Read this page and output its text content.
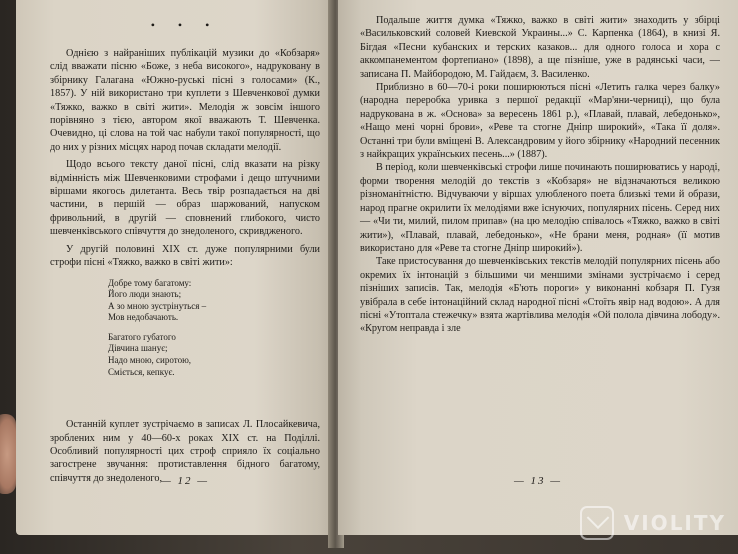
• • •

Однією з найраніших публікацій музики до «Кобзаря» слід вважати пісню «Боже, з неба високого», надруковану в збірнику Галагана «Южно-руські пісні з голосами» (К., 1857). У ній використано три куплети з Шевченкової думки «Тяжко, важко в світі жити». Мелодія ж зовсім іншого порівняно з тією, автором якої вважають Т. Шевченка. Очевидно, ці слова на той час набули такої популярності, що до них у різних місцях народ почав складати мелодії.

Щодо всього тексту даної пісні, слід вказати на різку відмінність між Шевченковими строфами і дещо штучними віршами якогось дилетанта. Весь твір розпадається на дві частини, в першій — образ шаржований, напуском фривольний, в другій — сповнений глибокого, чисто шевченківського співчуття до знедоленого, скривдженого.

У другій половині XIX ст. дуже популярними були строфи пісні «Тяжко, важко в світі жити»:

Добре тому багатому:
Його люди знають;
А зо мною зустрінуться –
Мов недобачають.
Багатого губатого
Дівчина шанує;
Надо мною, сиротою,
Сміється, кепкує.

Останній куплет зустрічаємо в записах Л. Плосайкевича, зроблених ним у 40—60-х роках XIX ст. на Поділлі. Особливий популярності цих строф сприяло їх соціально загострене звучання: протиставлення бідного багатому, співчуття до знедоленого,

— 12 —

Подальше життя думка «Тяжко, важко в світі жити» знаходить у збірці «Васильковский соловей Киевской Украины...» С. Карпенка (1864), в книзі Я. Бігдая «Песни кубанских и терских казаков... для одного голоса и хора с аккомпанементом фортепиано» (1898), а ще пізніше, уже в радянські часи, — записана П. Майбородою, М. Гайдаєм, З. Василенко.

Приблизно в 60—70-і роки поширюються пісні «Летить галка через балку» (народна переробка уривка з першої редакції «Мар'яни-черниці), що була надрукована в ж. «Основа» за вересень 1861 р.), «Плавай, плавай, лебедонько», «Нащо мені чорні брови», «Реве та стогне Дніпр широкий», «Така її доля». Останні три були вміщені В. Александровим у його збірнику «Народний песенник з найкращих українських песень...» (1887).

В період, коли шевченківські строфи лише починають поширюватись у народі, форми творення мелодій до текстів з «Кобзаря» не відзначаються великою різноманітністю. Відчуваючи у віршах улюбленого поета близькі теми й образи, народ прагне окрилити їх мелодіями вже існуючих, популярних пісень. Серед них — «Чи ти, милий, пилом припав» (на цю мелодію співалось «Тяжко, важко в світі жити»), «Плавай, плавай, лебедонько», «Не брани меня, родная» (її мотив використано для «Реве та стогне Дніпр широкий»).

Таке пристосування до шевченківських текстів мелодій популярних пісень або окремих їх інтонацій з більшими чи меншими змінами зустрічаємо і серед пізніших записів. Так, мелодія «Б'ють пороги» у виконанні кобзаря П. Гузя увібрала в себе інтонаційний склад народної пісні «Стоїть явір над водою». А для пісні «Утоптала стежечку» взята жартівлива мелодія «Ой полола дівчина лободу». «Кругом неправда і зле

— 13 —
VIOLITY
